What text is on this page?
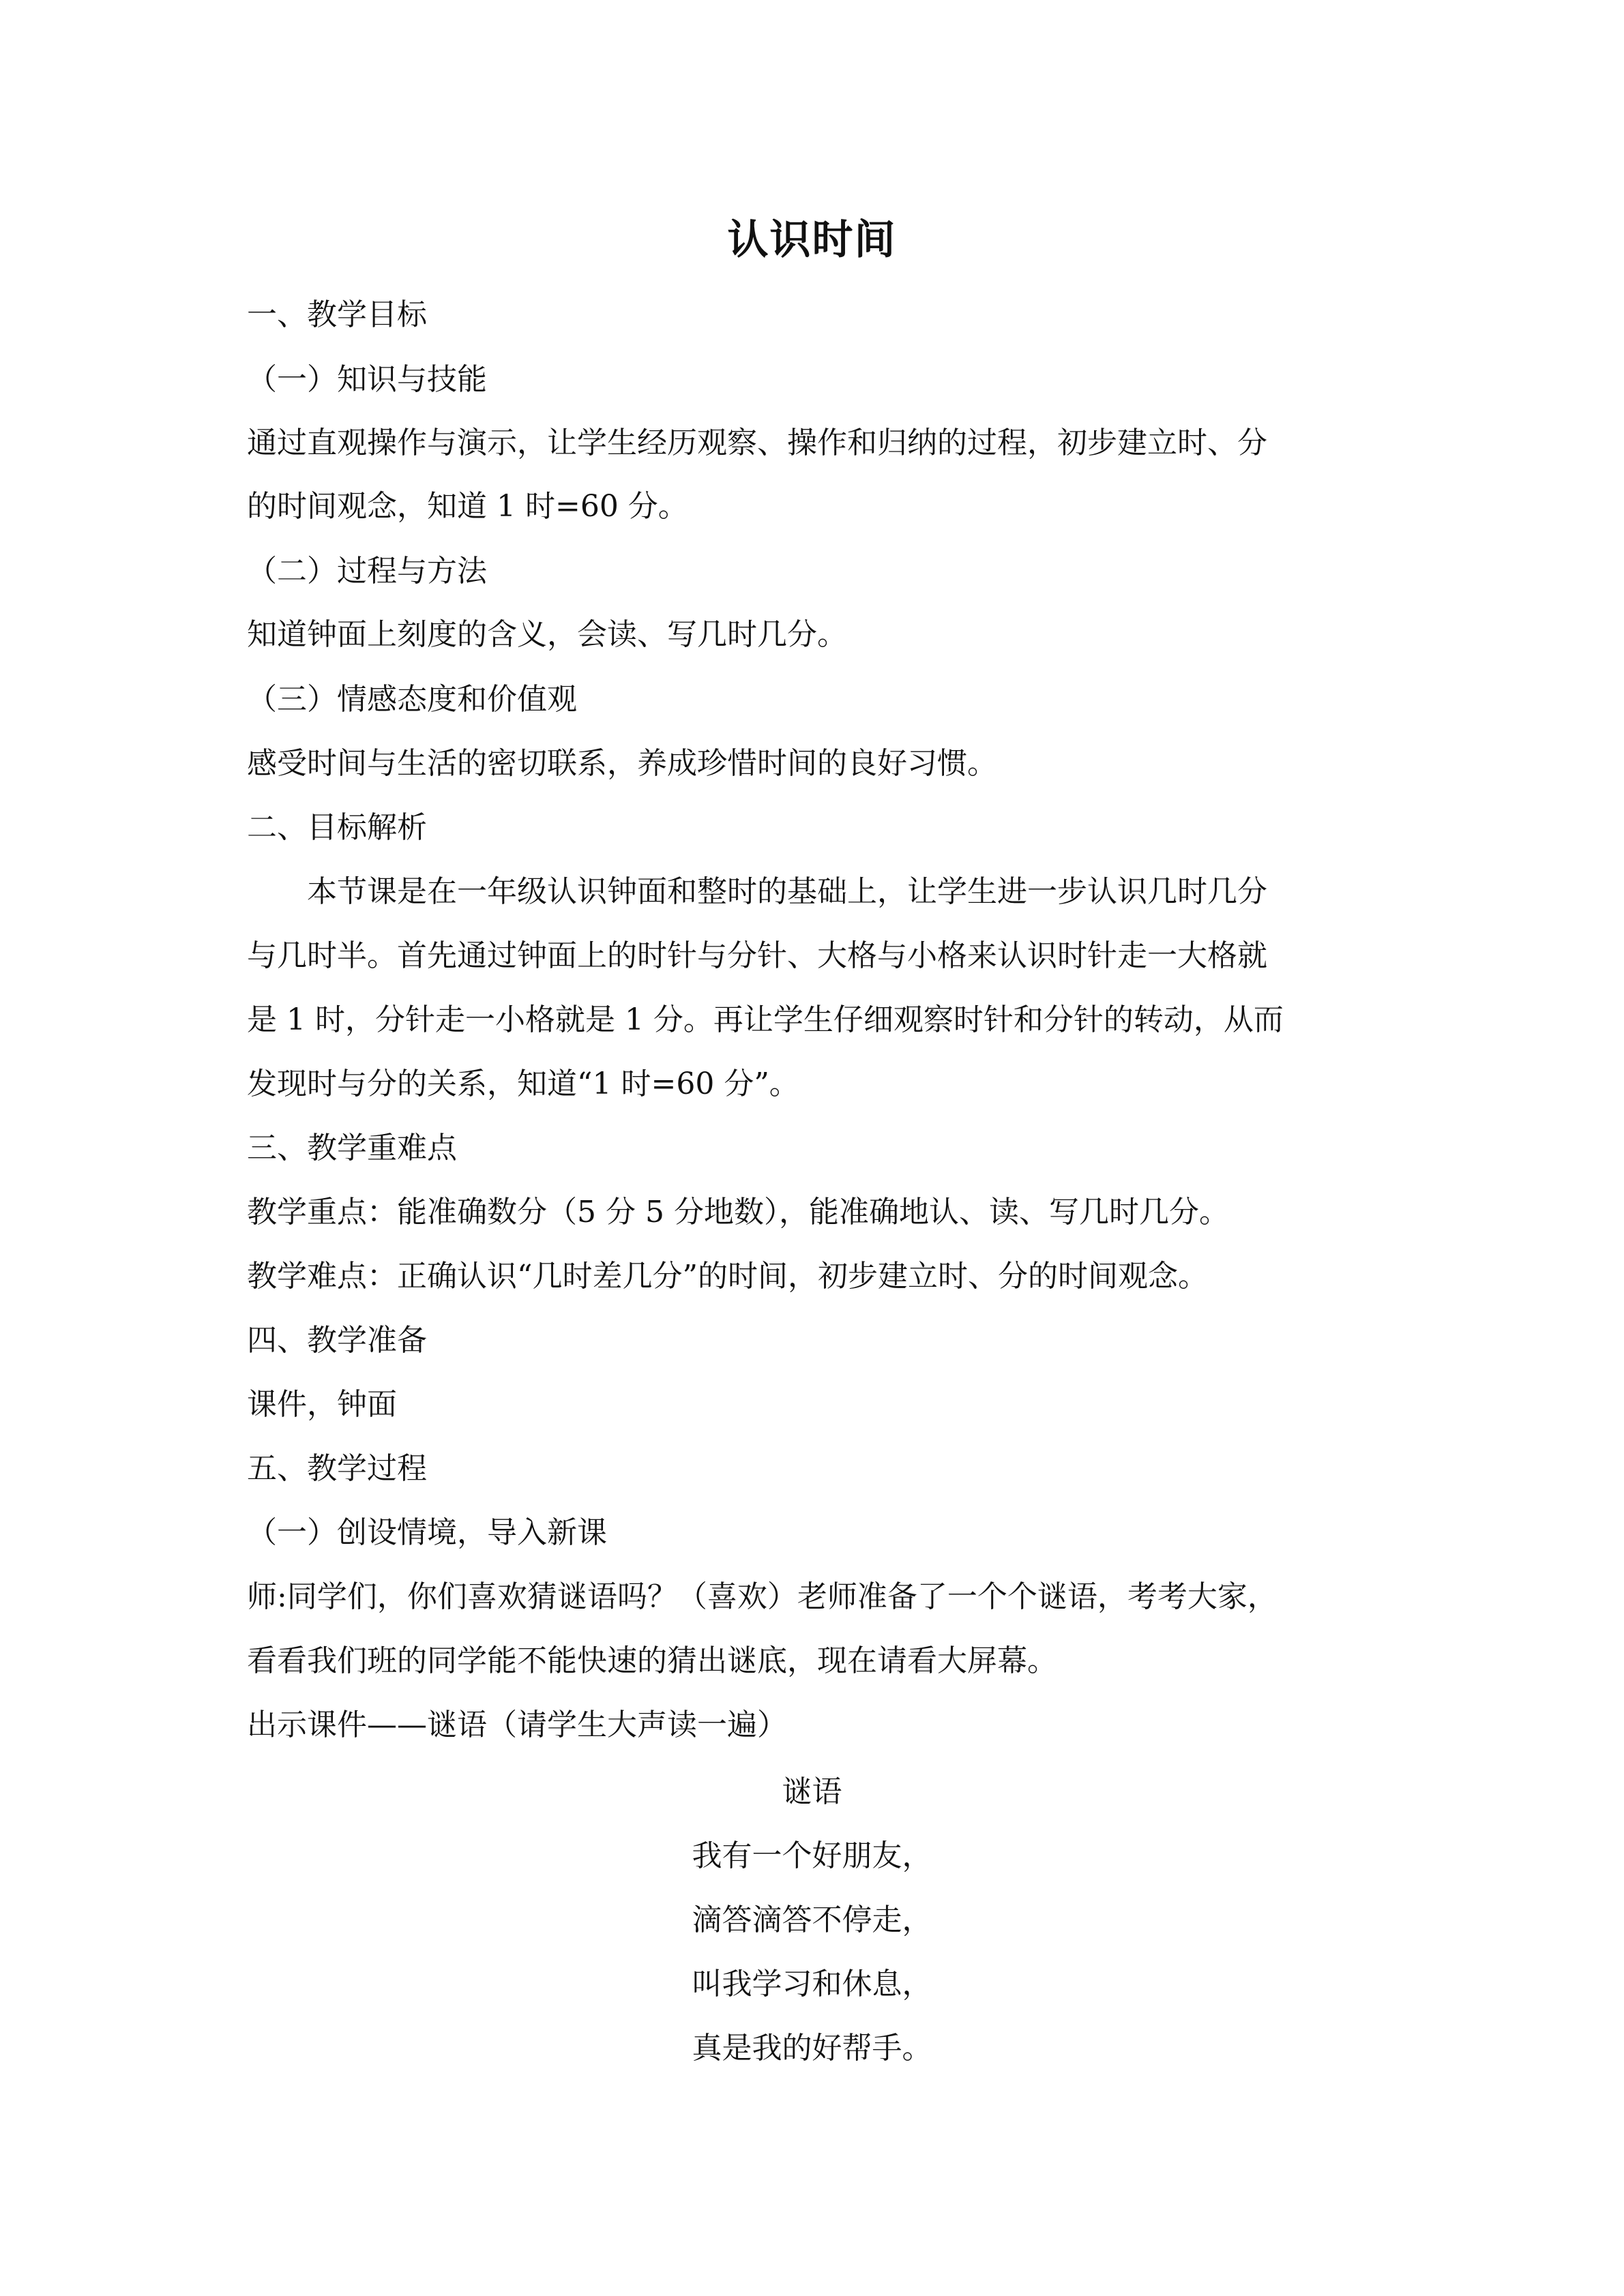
认识时间
一、教学目标
（一）知识与技能
通过直观操作与演示，让学生经历观察、操作和归纳的过程，初步建立时、分
的时间观念，知道 1 时=60 分。
（二）过程与方法
知道钟面上刻度的含义，会读、写几时几分。
（三）情感态度和价值观
感受时间与生活的密切联系，养成珍惜时间的良好习惯。
二、目标解析
本节课是在一年级认识钟面和整时的基础上，让学生进一步认识几时几分
与几时半。首先通过钟面上的时针与分针、大格与小格来认识时针走一大格就
是 1 时，分针走一小格就是 1 分。再让学生仔细观察时针和分针的转动，从而
发现时与分的关系，知道“1 时=60 分”。
三、教学重难点
教学重点：能准确数分（5 分 5 分地数），能准确地认、读、写几时几分。
教学难点：正确认识“几时差几分”的时间，初步建立时、分的时间观念。
四、教学准备
课件，钟面
五、教学过程
（一）创设情境，导入新课
师:同学们，你们喜欢猜谜语吗？（喜欢）老师准备了一个个谜语，考考大家，
看看我们班的同学能不能快速的猜出谜底，现在请看大屏幕。
出示课件——谜语（请学生大声读一遍）
谜语
我有一个好朋友，
滴答滴答不停走，
叫我学习和休息，
真是我的好帮手。
